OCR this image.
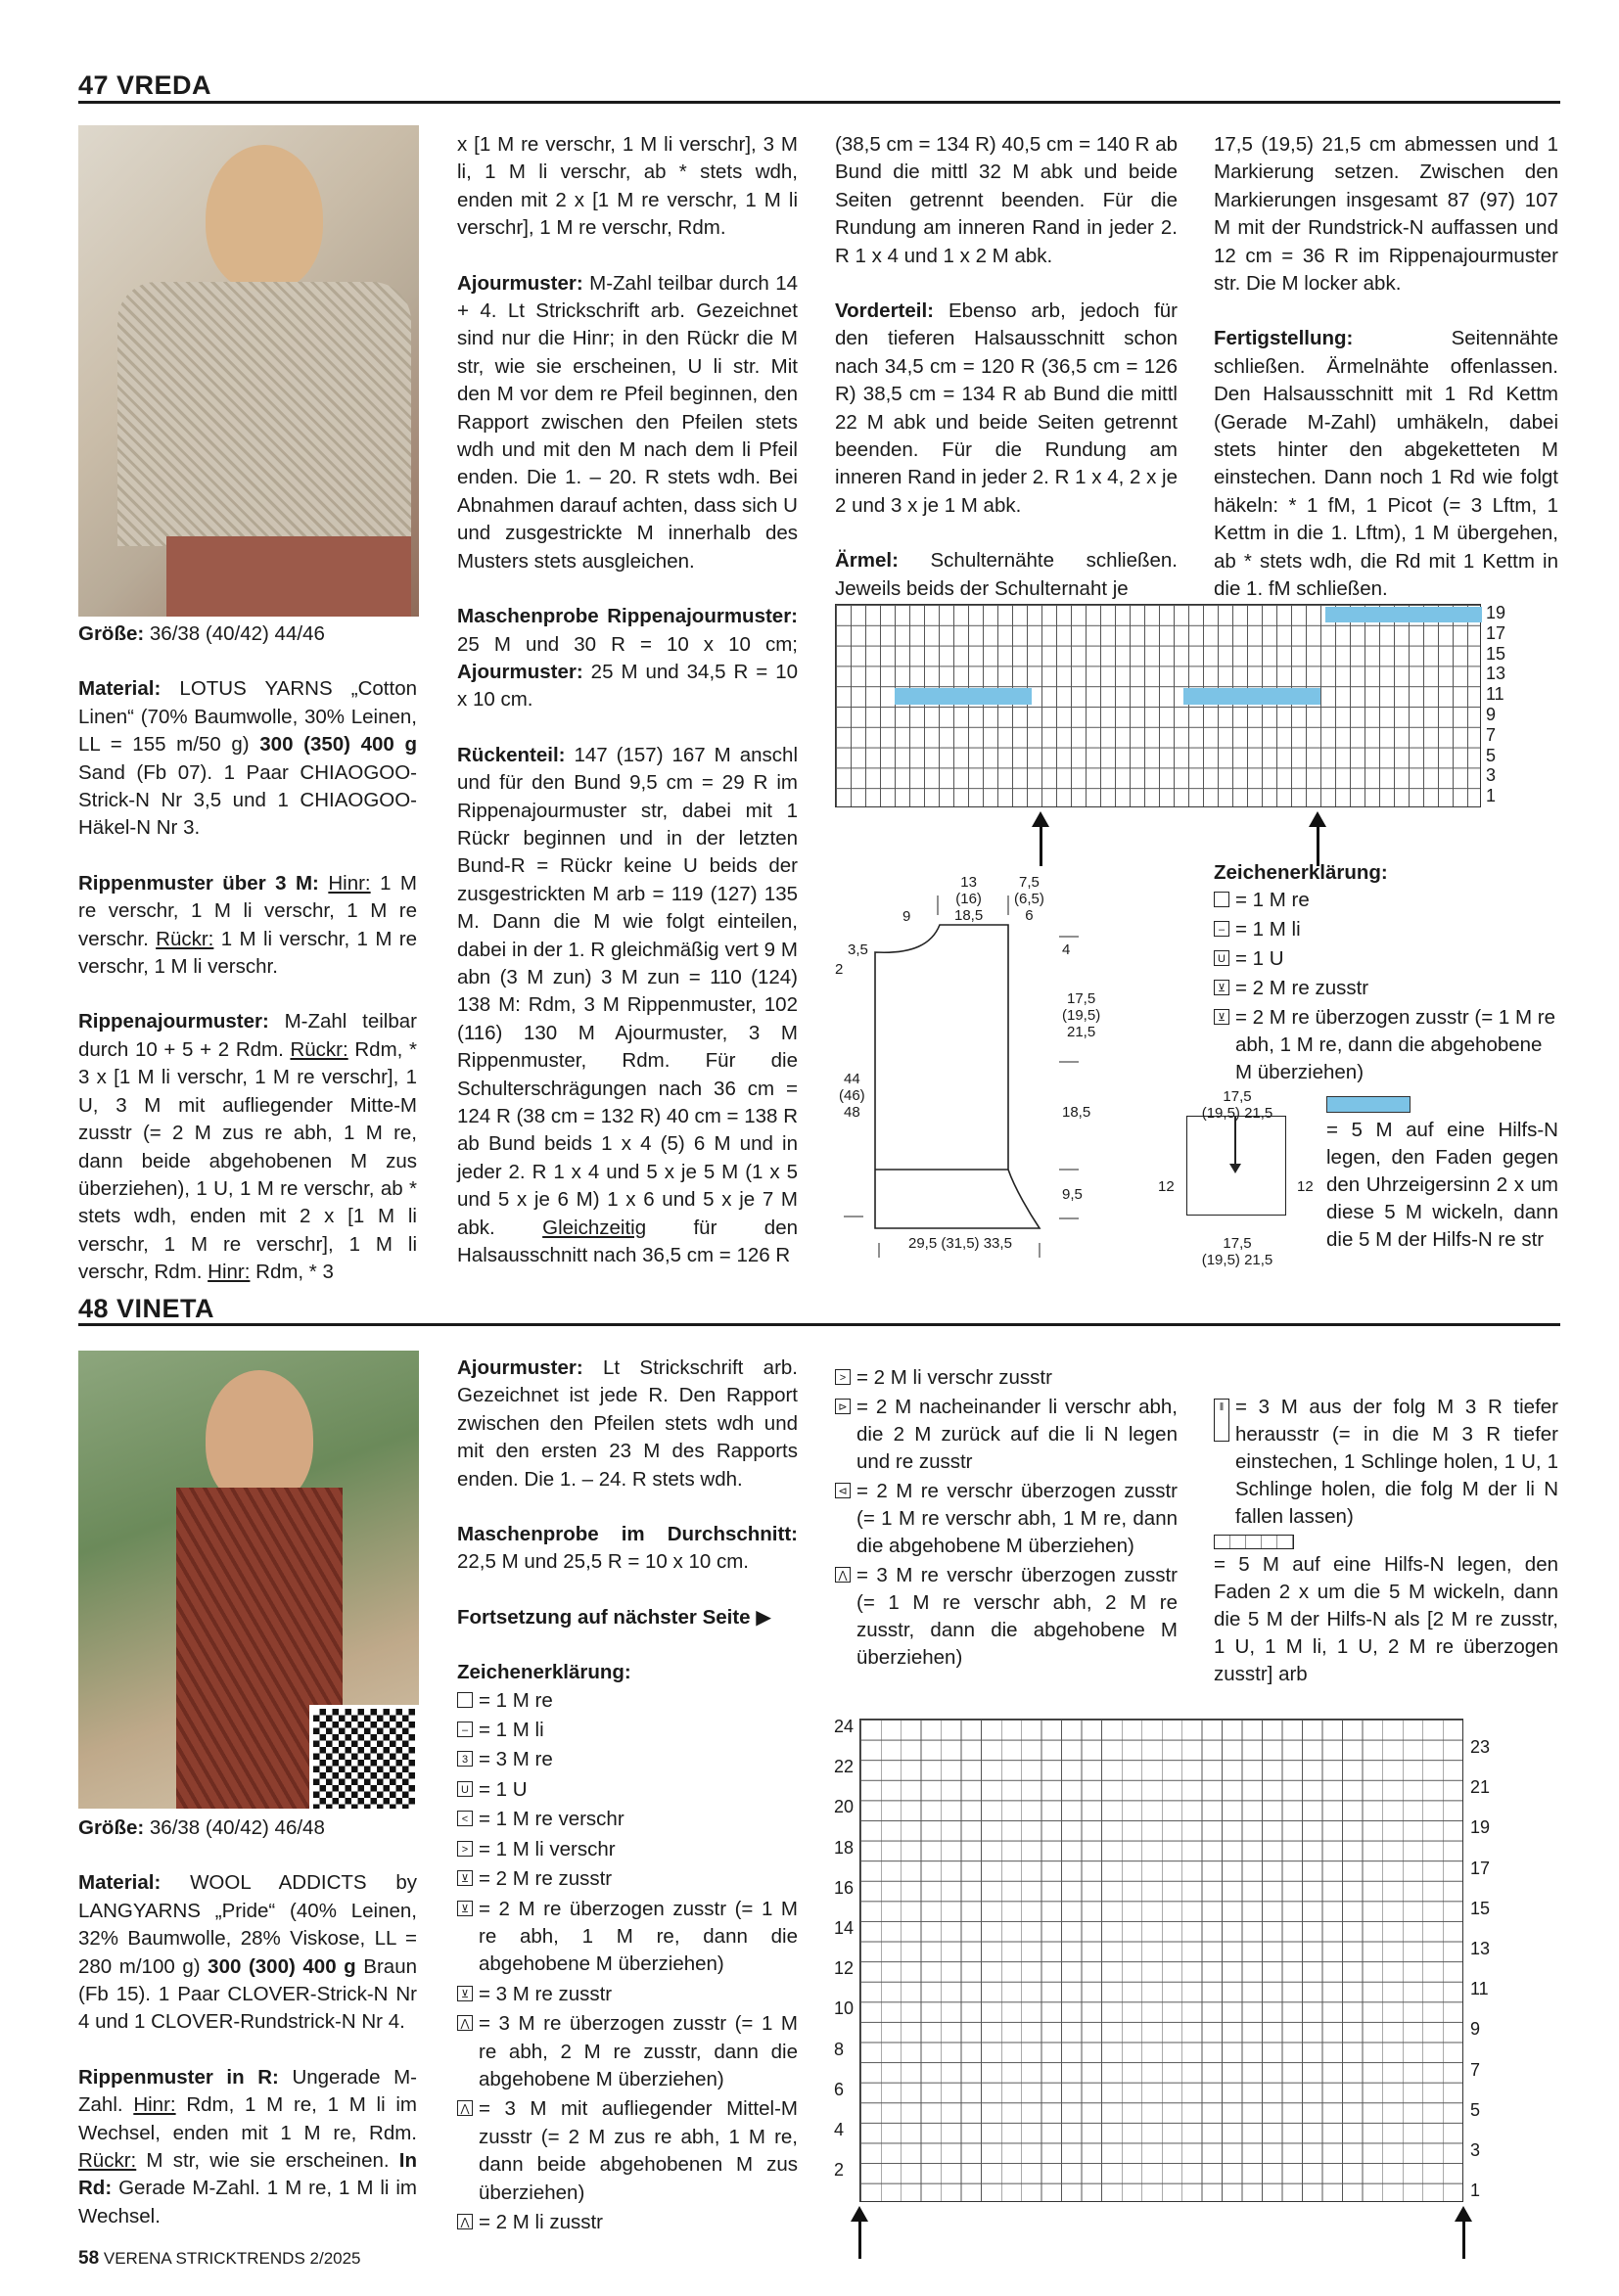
47 VREDA

Größe: 36/38 (40/42) 44/46

Material: LOTUS YARNS „Cotton Linen“ (70% Baumwolle, 30% Leinen, LL = 155 m/50 g) 300 (350) 400 g Sand (Fb 07). 1 Paar CHIAOGOO-Strick-N Nr 3,5 und 1 CHIAOGOO-Häkel-N Nr 3.

Rippenmuster über 3 M: Hinr: 1 M re verschr, 1 M li verschr, 1 M re verschr. Rückr: 1 M li verschr, 1 M re verschr, 1 M li verschr.

Rippenajourmuster: M-Zahl teilbar durch 10 + 5 + 2 Rdm. Rückr: Rdm, * 3 x [1 M li verschr, 1 M re verschr], 1 U, 3 M mit aufliegender Mitte-M zusstr (= 2 M zus re abh, 1 M re, dann beide abgehobenen M zus überziehen), 1 U, 1 M re verschr, ab * stets wdh, enden mit 2 x [1 M li verschr, 1 M re verschr], 1 M li verschr, Rdm. Hinr: Rdm, * 3

x [1 M re verschr, 1 M li verschr], 3 M li, 1 M li verschr, ab * stets wdh, enden mit 2 x [1 M re verschr, 1 M li verschr], 1 M re verschr, Rdm.

Ajourmuster: M-Zahl teilbar durch 14 + 4. Lt Strickschrift arb. Gezeichnet sind nur die Hinr; in den Rückr die M str, wie sie erscheinen, U li str. Mit den M vor dem re Pfeil beginnen, den Rapport zwischen den Pfeilen stets wdh und mit den M nach dem li Pfeil enden. Die 1. – 20. R stets wdh. Bei Abnahmen darauf achten, dass sich U und zusgestrickte M innerhalb des Musters stets ausgleichen.

Maschenprobe Rippenajourmuster: 25 M und 30 R = 10 x 10 cm; Ajourmuster: 25 M und 34,5 R = 10 x 10 cm.

Rückenteil: 147 (157) 167 M anschl und für den Bund 9,5 cm = 29 R im Rippenajourmuster str, dabei mit 1 Rückr beginnen und in der letzten Bund-R = Rückr keine U beids der zusgestrickten M arb = 119 (127) 135 M. Dann die M wie folgt einteilen, dabei in der 1. R gleichmäßig vert 9 M abn (3 M zun) 3 M zun = 110 (124) 138 M: Rdm, 3 M Rippenmuster, 102 (116) 130 M Ajourmuster, 3 M Rippenmuster, Rdm. Für die Schulterschrägungen nach 36 cm = 124 R (38 cm = 132 R) 40 cm = 138 R ab Bund beids 1 x 4 (5) 6 M und in jeder 2. R 1 x 4 und 5 x je 5 M (1 x 5 und 5 x je 6 M) 1 x 6 und 5 x je 7 M abk. Gleichzeitig für den Halsausschnitt nach 36,5 cm = 126 R

(38,5 cm = 134 R) 40,5 cm = 140 R ab Bund die mittl 32 M abk und beide Seiten getrennt beenden. Für die Rundung am inneren Rand in jeder 2. R 1 x 4 und 1 x 2 M abk.

Vorderteil: Ebenso arb, jedoch für den tieferen Halsausschnitt schon nach 34,5 cm = 120 R (36,5 cm = 126 R) 38,5 cm = 134 R ab Bund die mittl 22 M abk und beide Seiten getrennt beenden. Für die Rundung am inneren Rand in jeder 2. R 1 x 4, 2 x je 2 und 3 x je 1 M abk.

Ärmel: Schulternähte schließen. Jeweils beids der Schulternaht je

17,5 (19,5) 21,5 cm abmessen und 1 Markierung setzen. Zwischen den Markierungen insgesamt 87 (97) 107 M mit der Rundstrick-N auffassen und 12 cm = 36 R im Rippenajourmuster str. Die M locker abk.

Fertigstellung: Seitennähte schließen. Ärmelnähte offenlassen. Den Halsausschnitt mit 1 Rd Kettm (Gerade M-Zahl) umhäkeln, dabei stets hinter den abgeketteten M einstechen. Dann noch 1 Rd wie folgt häkeln: * 1 fM, 1 Picot (= 3 Lftm, 1 Kettm in die 1. Lftm), 1 M übergehen, ab * stets wdh, die Rd mit 1 Kettm in die 1. fM schließen.

19
17
15
13
11
9
7
5
3
1
13
(16)
18,5
7,5
(6,5)
6
9
3,5
2
4
17,5
(19,5)
21,5
18,5
9,5
44
(46)
48
29,5 (31,5) 33,5
17,5
(19,5) 21,5
12	12
17,5
(19,5) 21,5
Zeichenerklärung:
= 1 M re
– = 1 M li
U = 1 U
⊻ = 2 M re zusstr
⊻ = 2 M re überzogen zusstr (= 1 M re abh, 1 M re, dann die abgehobene M überziehen)
= 5 M auf eine Hilfs-N legen, den Faden gegen den Uhrzeigersinn 2 x um diese 5 M wickeln, dann die 5 M der Hilfs-N re str
48 VINETA

Größe: 36/38 (40/42) 46/48

Material: WOOL ADDICTS by LANGYARNS „Pride“ (40% Leinen, 32% Baumwolle, 28% Viskose, LL = 280 m/100 g) 300 (300) 400 g Braun (Fb 15). 1 Paar CLOVER-Strick-N Nr 4 und 1 CLOVER-Rundstrick-N Nr 4.

Rippenmuster in R: Ungerade M-Zahl. Hinr: Rdm, 1 M re, 1 M li im Wechsel, enden mit 1 M re, Rdm. Rückr: M str, wie sie erscheinen. In Rd: Gerade M-Zahl. 1 M re, 1 M li im Wechsel.

Ajourmuster: Lt Strickschrift arb. Gezeichnet ist jede R. Den Rapport zwischen den Pfeilen stets wdh und mit den ersten 23 M des Rapports enden. Die 1. – 24. R stets wdh.

Maschenprobe im Durchschnitt: 22,5 M und 25,5 R = 10 x 10 cm.

Fortsetzung auf nächster Seite ▶

Zeichenerklärung:
= 1 M re
– = 1 M li
3 = 3 M re
U = 1 U
< = 1 M re verschr
> = 1 M li verschr
⊻ = 2 M re zusstr
⊻ = 2 M re überzogen zusstr (= 1 M re abh, 1 M re, dann die abgehobene M überziehen)
⊻ = 3 M re zusstr
⋀ = 3 M re überzogen zusstr (= 1 M re abh, 2 M re zusstr, dann die abgehobene M überziehen)
⋀ = 3 M mit aufliegender Mittel-M zusstr (= 2 M zus re abh, 1 M re, dann beide abgehobenen M zus überziehen)
⋀ = 2 M li zusstr
> = 2 M li verschr zusstr
⊳ = 2 M nacheinander li verschr abh, die 2 M zurück auf die li N legen und re zusstr
⊲ = 2 M re verschr überzogen zusstr (= 1 M re verschr abh, 1 M re, dann die abgehobene M überziehen)
⋀ = 3 M re verschr überzogen zusstr (= 1 M re verschr abh, 2 M re zusstr, dann die abgehobene M überziehen)
‖ = 3 M aus der folg M 3 R tiefer herausstr (= in die M 3 R tiefer einstechen, 1 Schlinge holen, 1 U, 1 Schlinge holen, die folg M der li N fallen lassen)
= 5 M auf eine Hilfs-N legen, den Faden 2 x um die 5 M wickeln, dann die 5 M der Hilfs-N als [2 M re zusstr, 1 U, 1 M li, 1 U, 2 M re überzogen zusstr] arb
24
22
20
18
16
14
12
10
8
6
4
2
23
21
19
17
15
13
11
9
7
5
3
1
58 VERENA STRICKTRENDS 2/2025
